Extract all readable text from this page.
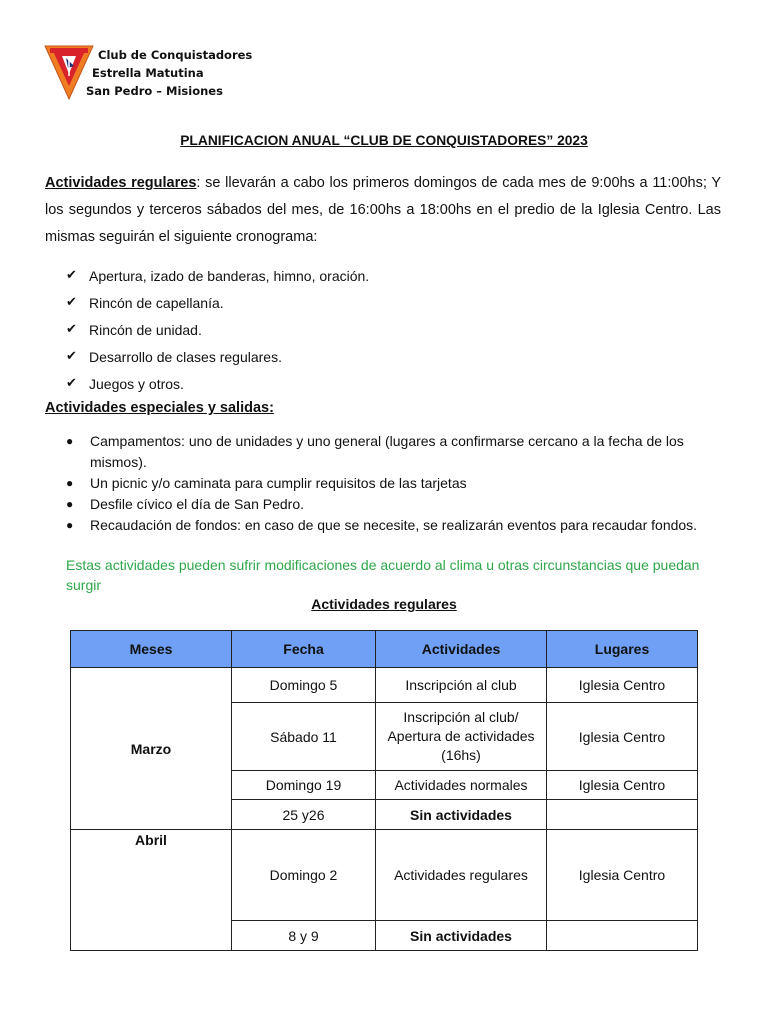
Club de Conquistadores
Estrella Matutina
San Pedro – Misiones
PLANIFICACION ANUAL “CLUB DE CONQUISTADORES” 2023
Actividades regulares: se llevarán a cabo los primeros domingos de cada mes de 9:00hs a 11:00hs; Y los segundos y terceros sábados del mes, de 16:00hs a 18:00hs en el predio de la Iglesia Centro. Las mismas seguirán el siguiente cronograma:
✔ Apertura, izado de banderas, himno, oración.
✔ Rincón de capellanía.
✔ Rincón de unidad.
✔ Desarrollo de clases regulares.
✔ Juegos y otros.
Actividades especiales y salidas:
●	Campamentos: uno de unidades y uno general (lugares a confirmarse cercano a la fecha de los mismos).
●	Un picnic y/o caminata para cumplir requisitos de las tarjetas
●	Desfile cívico el día de San Pedro.
●	Recaudación de fondos: en caso de que se necesite, se realizarán eventos para recaudar fondos.
Estas actividades pueden sufrir modificaciones de acuerdo al clima u otras circunstancias que puedan surgir
Actividades regulares
Meses	Fecha	Actividades	Lugares
Marzo	Domingo 5	Inscripción al club	Iglesia Centro
	Sábado 11	Inscripción al club/ Apertura de actividades (16hs)	Iglesia Centro
	Domingo 19	Actividades normales	Iglesia Centro
	25 y26	Sin actividades	
Abril	Domingo 2	Actividades regulares	Iglesia Centro
	8 y 9	Sin actividades	
